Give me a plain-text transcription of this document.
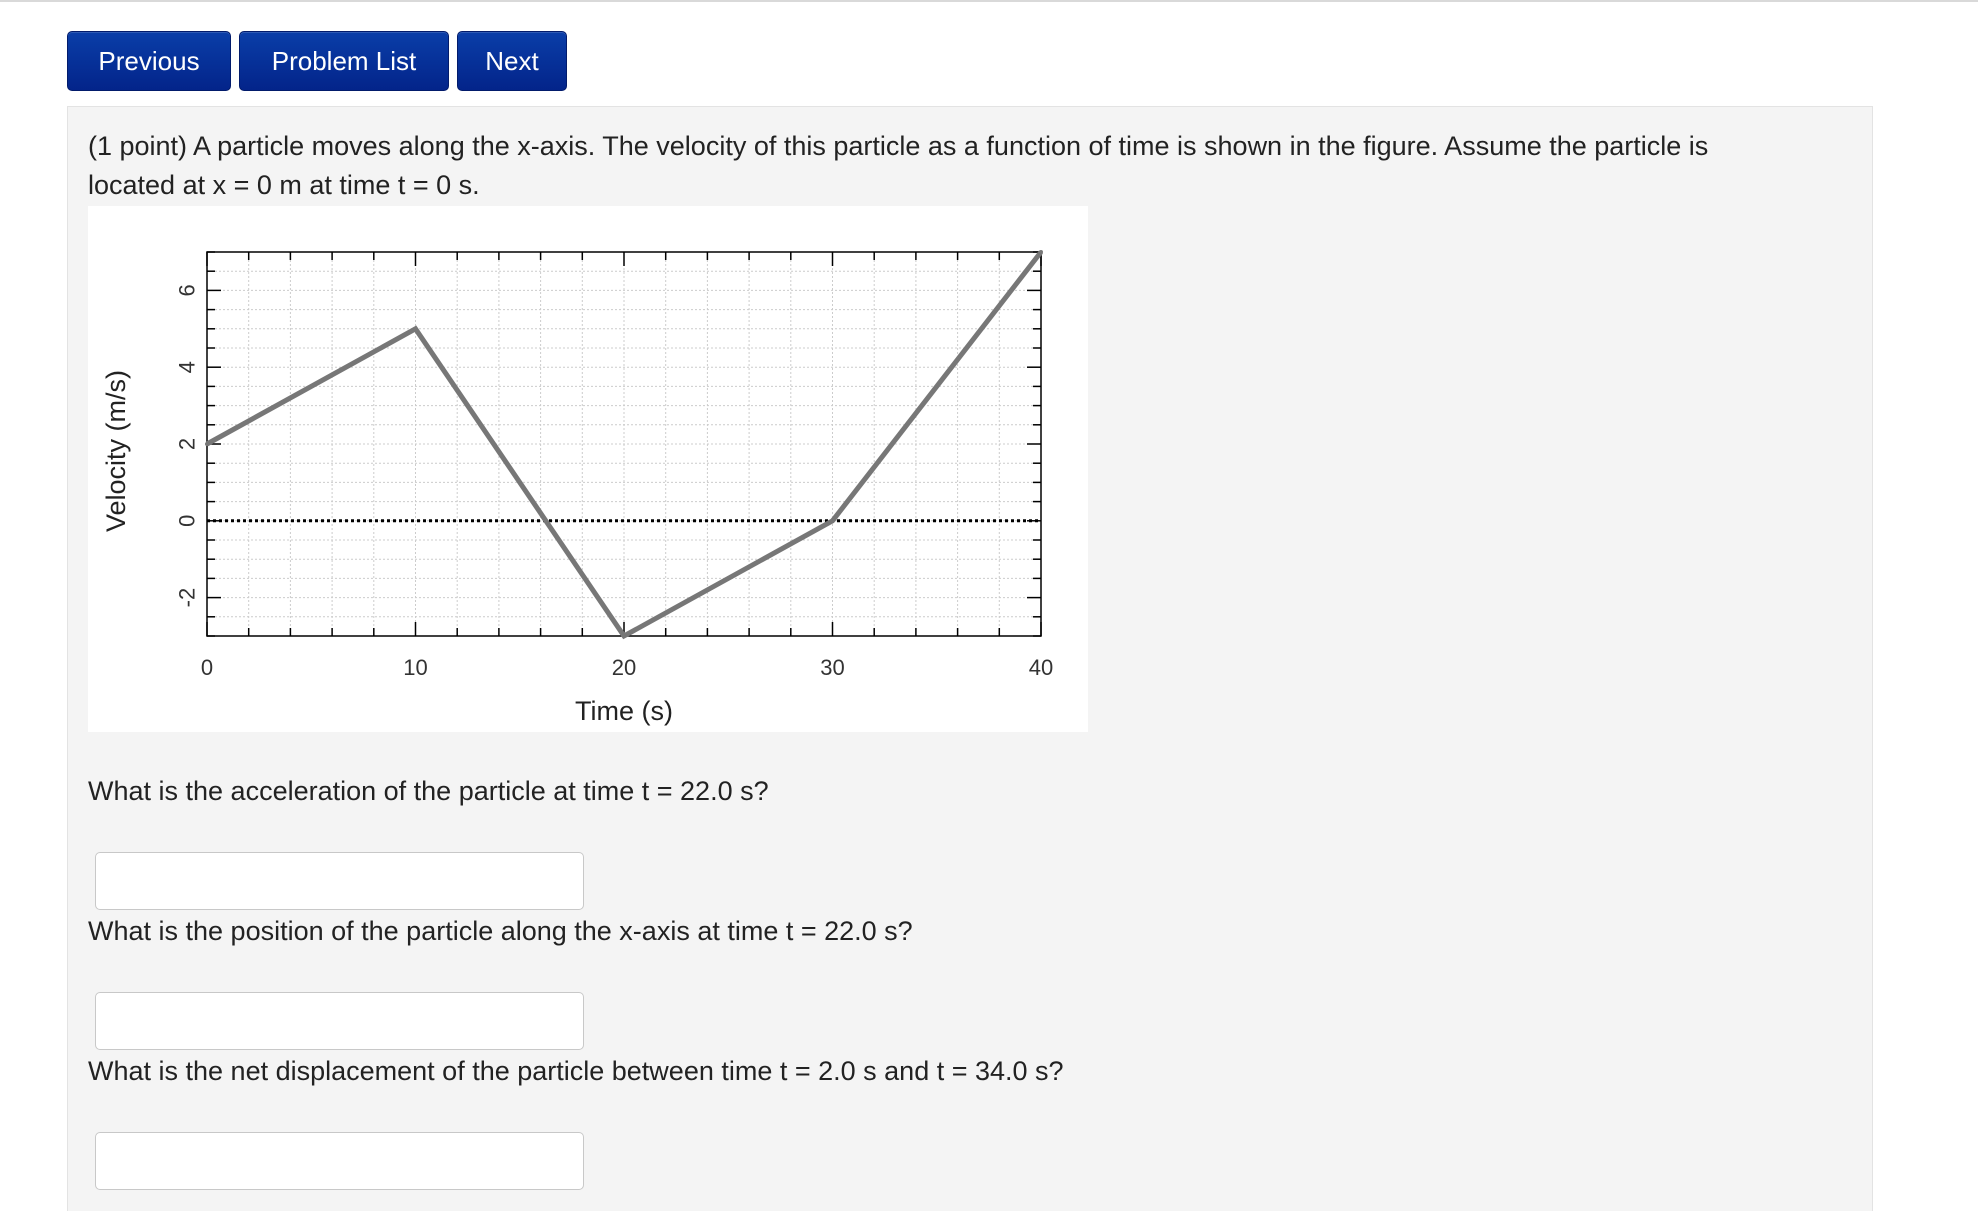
Previous	Problem List	Next
(1 point) A particle moves along the x-axis. The velocity of this particle as a function of time is shown in the figure. Assume the particle is
located at x = 0 m at time t = 0 s.
0	10	20	30	40
-2
0
2
4
6
Time (s)
Velocity (m/s)
What is the acceleration of the particle at time t = 22.0 s?
What is the position of the particle along the x-axis at time t = 22.0 s?
What is the net displacement of the particle between time t = 2.0 s and t = 34.0 s?
